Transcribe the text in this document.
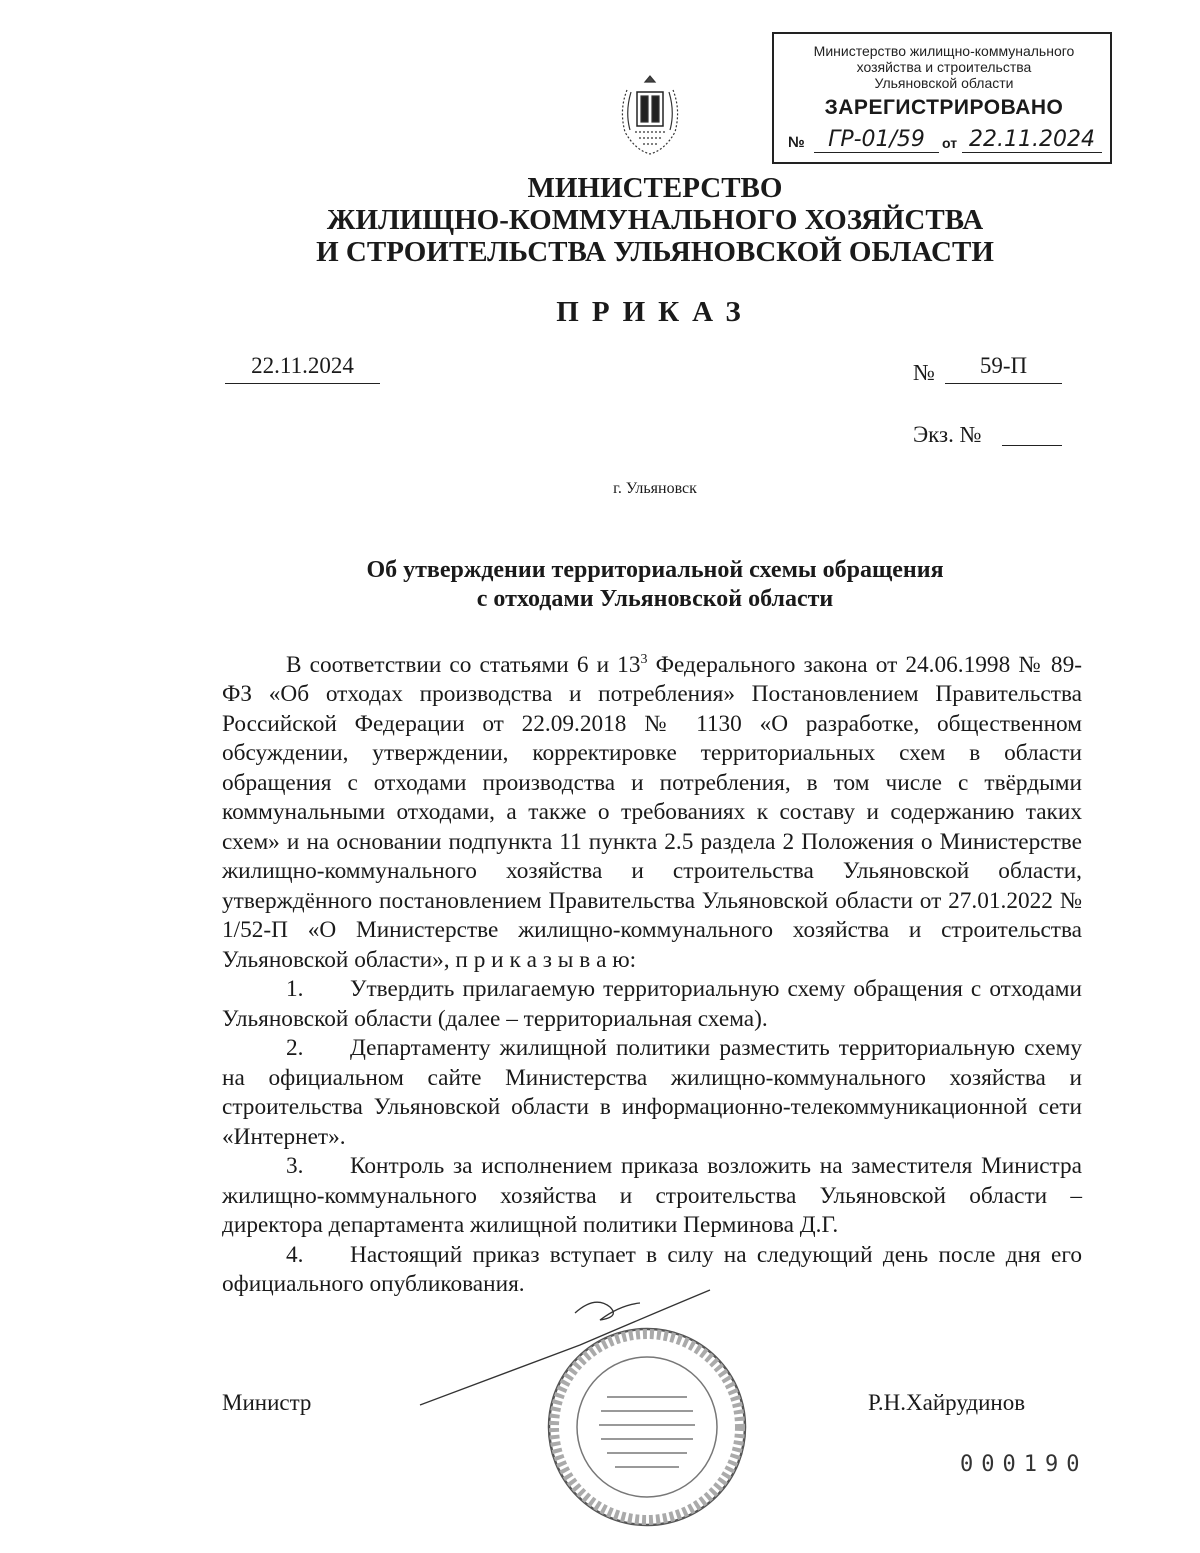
Министерство жилищно-коммунального
хозяйства и строительства
Ульяновской области
ЗАРЕГИСТРИРОВАНО
№	ГР-01/59	от 22.11.2024
МИНИСТЕРСТВО
ЖИЛИЩНО-КОММУНАЛЬНОГО ХОЗЯЙСТВА
И СТРОИТЕЛЬСТВА УЛЬЯНОВСКОЙ ОБЛАСТИ
ПРИКАЗ
22.11.2024	№	59-П
Экз. №
г. Ульяновск
Об утверждении территориальной схемы обращения
с отходами Ульяновской области

В соответствии со статьями 6 и $13^3$ Федерального закона от 24.06.1998 № 89-ФЗ «Об отходах производства и потребления» Постановлением Правительства Российской Федерации от 22.09.2018 № 1130 «О разработке, общественном обсуждении, утверждении, корректировке территориальных схем в области обращения с отходами производства и потребления, в том числе с твёрдыми коммунальными отходами, а также о требованиях к составу и содержанию таких схем» и на основании подпункта 11 пункта 2.5 раздела 2 Положения о Министерстве жилищно-коммунального хозяйства и строительства Ульяновской области, утверждённого постановлением Правительства Ульяновской области от 27.01.2022 № 1/52-П «О Министерстве жилищно-коммунального хозяйства и строительства Ульяновской области», п р и к а з ы в а ю:

1. Утвердить прилагаемую территориальную схему обращения с отходами Ульяновской области (далее – территориальная схема).

2. Департаменту жилищной политики разместить территориальную схему на официальном сайте Министерства жилищно-коммунального хозяйства и строительства Ульяновской области в информационно-телекоммуникационной сети «Интернет».

3. Контроль за исполнением приказа возложить на заместителя Министра жилищно-коммунального хозяйства и строительства Ульяновской области – директора департамента жилищной политики Перминова Д.Г.

4. Настоящий приказ вступает в силу на следующий день после дня его официального опубликования.

Министр	Р.Н.Хайрудинов
000190
